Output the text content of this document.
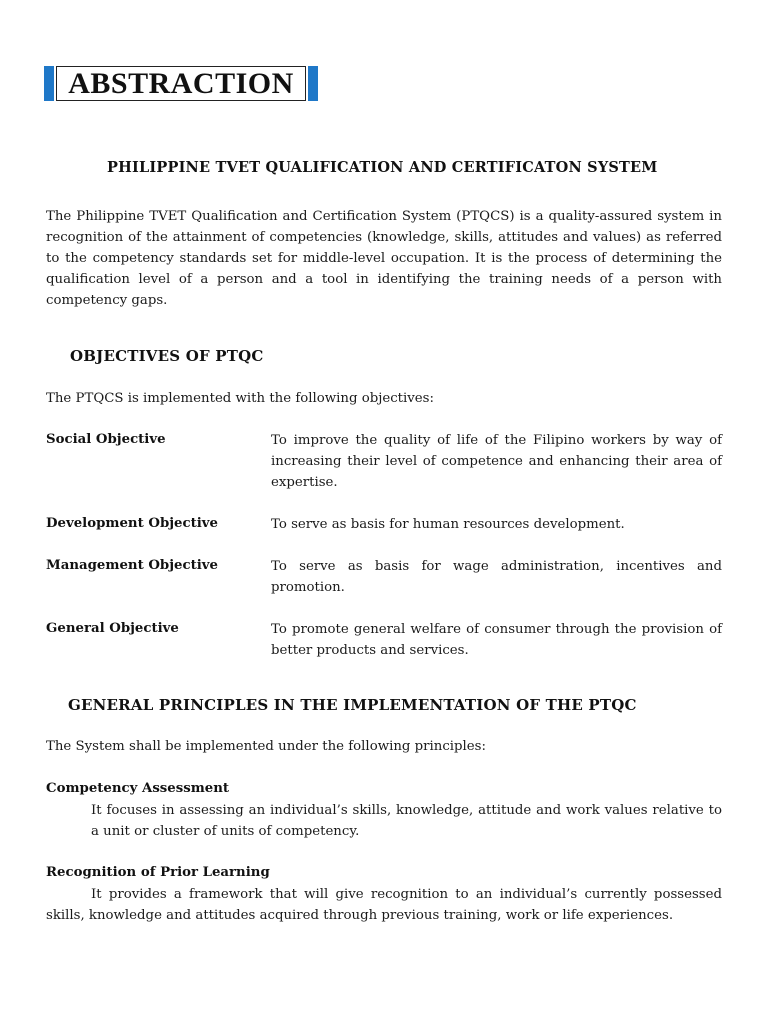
ABSTRACTION
PHILIPPINE TVET QUALIFICATION AND CERTIFICATON SYSTEM
The Philippine TVET Qualification and Certification System (PTQCS) is a quality-assured system in recognition of the attainment of competencies (knowledge, skills, attitudes and values) as referred to the competency standards set for middle-level occupation. It is the process of determining the qualification level of a person and a tool in identifying the training needs of a person with competency gaps.
OBJECTIVES OF PTQC
The PTQCS is implemented with the following objectives:
Social Objective	To improve the quality of life of the Filipino workers by way of increasing their level of competence and enhancing their area of expertise.
Development Objective	To serve as basis for human resources development.
Management Objective	To serve as basis for wage administration, incentives and promotion.
General Objective	To promote general welfare of consumer through the provision of better products and services.
GENERAL PRINCIPLES IN THE IMPLEMENTATION OF THE PTQC
The System shall be implemented under the following principles:
Competency Assessment
It focuses in assessing an individual’s skills, knowledge, attitude and work values relative to a unit or cluster of units of competency.
Recognition of Prior Learning
It provides a framework that will give recognition to an individual’s currently possessed skills, knowledge and attitudes acquired through previous training, work or life experiences.
